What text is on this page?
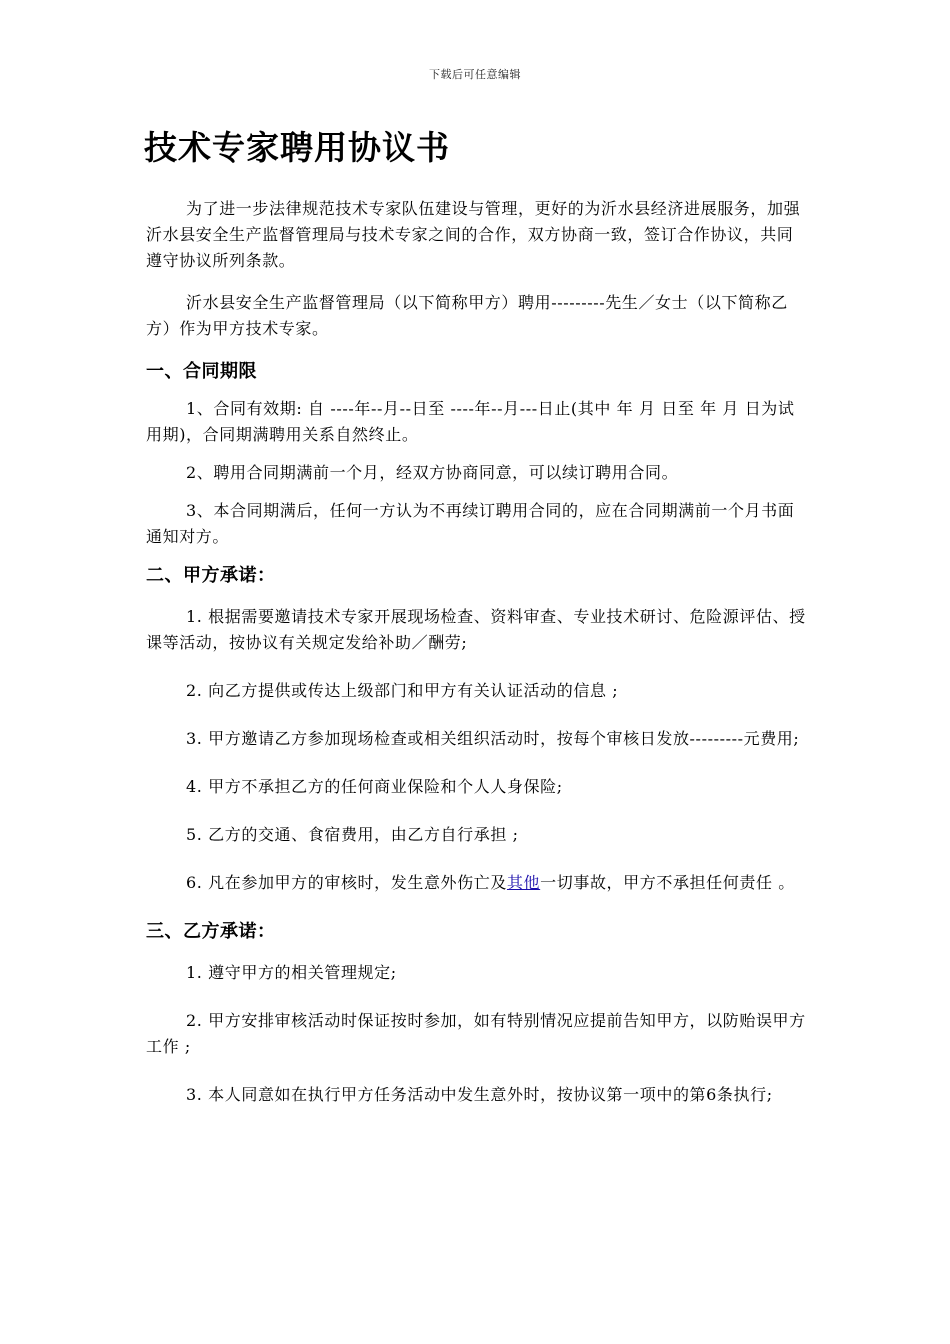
下载后可任意编辑
技术专家聘用协议书

为了进一步法律规范技术专家队伍建设与管理，更好的为沂水县经济进展服务，加强沂水县安全生产监督管理局与技术专家之间的合作，双方协商一致，签订合作协议，共同遵守协议所列条款。

沂水县安全生产监督管理局（以下简称甲方）聘用---------先生／女士（以下简称乙方）作为甲方技术专家。

一、合同期限

1、合同有效期: 自 ----年--月--日至 ----年--月---日止(其中 年 月 日至 年 月 日为试用期)，合同期满聘用关系自然终止。

2、聘用合同期满前一个月，经双方协商同意，可以续订聘用合同。

3、本合同期满后，任何一方认为不再续订聘用合同的，应在合同期满前一个月书面通知对方。

二、甲方承诺：

1. 根据需要邀请技术专家开展现场检查、资料审查、专业技术研讨、危险源评估、授课等活动，按协议有关规定发给补助／酬劳;

2. 向乙方提供或传达上级部门和甲方有关认证活动的信息 ;

3. 甲方邀请乙方参加现场检查或相关组织活动时，按每个审核日发放---------元费用;

4. 甲方不承担乙方的任何商业保险和个人人身保险;

5. 乙方的交通、食宿费用，由乙方自行承担 ;

6. 凡在参加甲方的审核时，发生意外伤亡及其他一切事故，甲方不承担任何责任 。

三、乙方承诺：

1. 遵守甲方的相关管理规定;

2. 甲方安排审核活动时保证按时参加，如有特别情况应提前告知甲方，以防贻误甲方工作 ;

3. 本人同意如在执行甲方任务活动中发生意外时，按协议第一项中的第6条执行;
